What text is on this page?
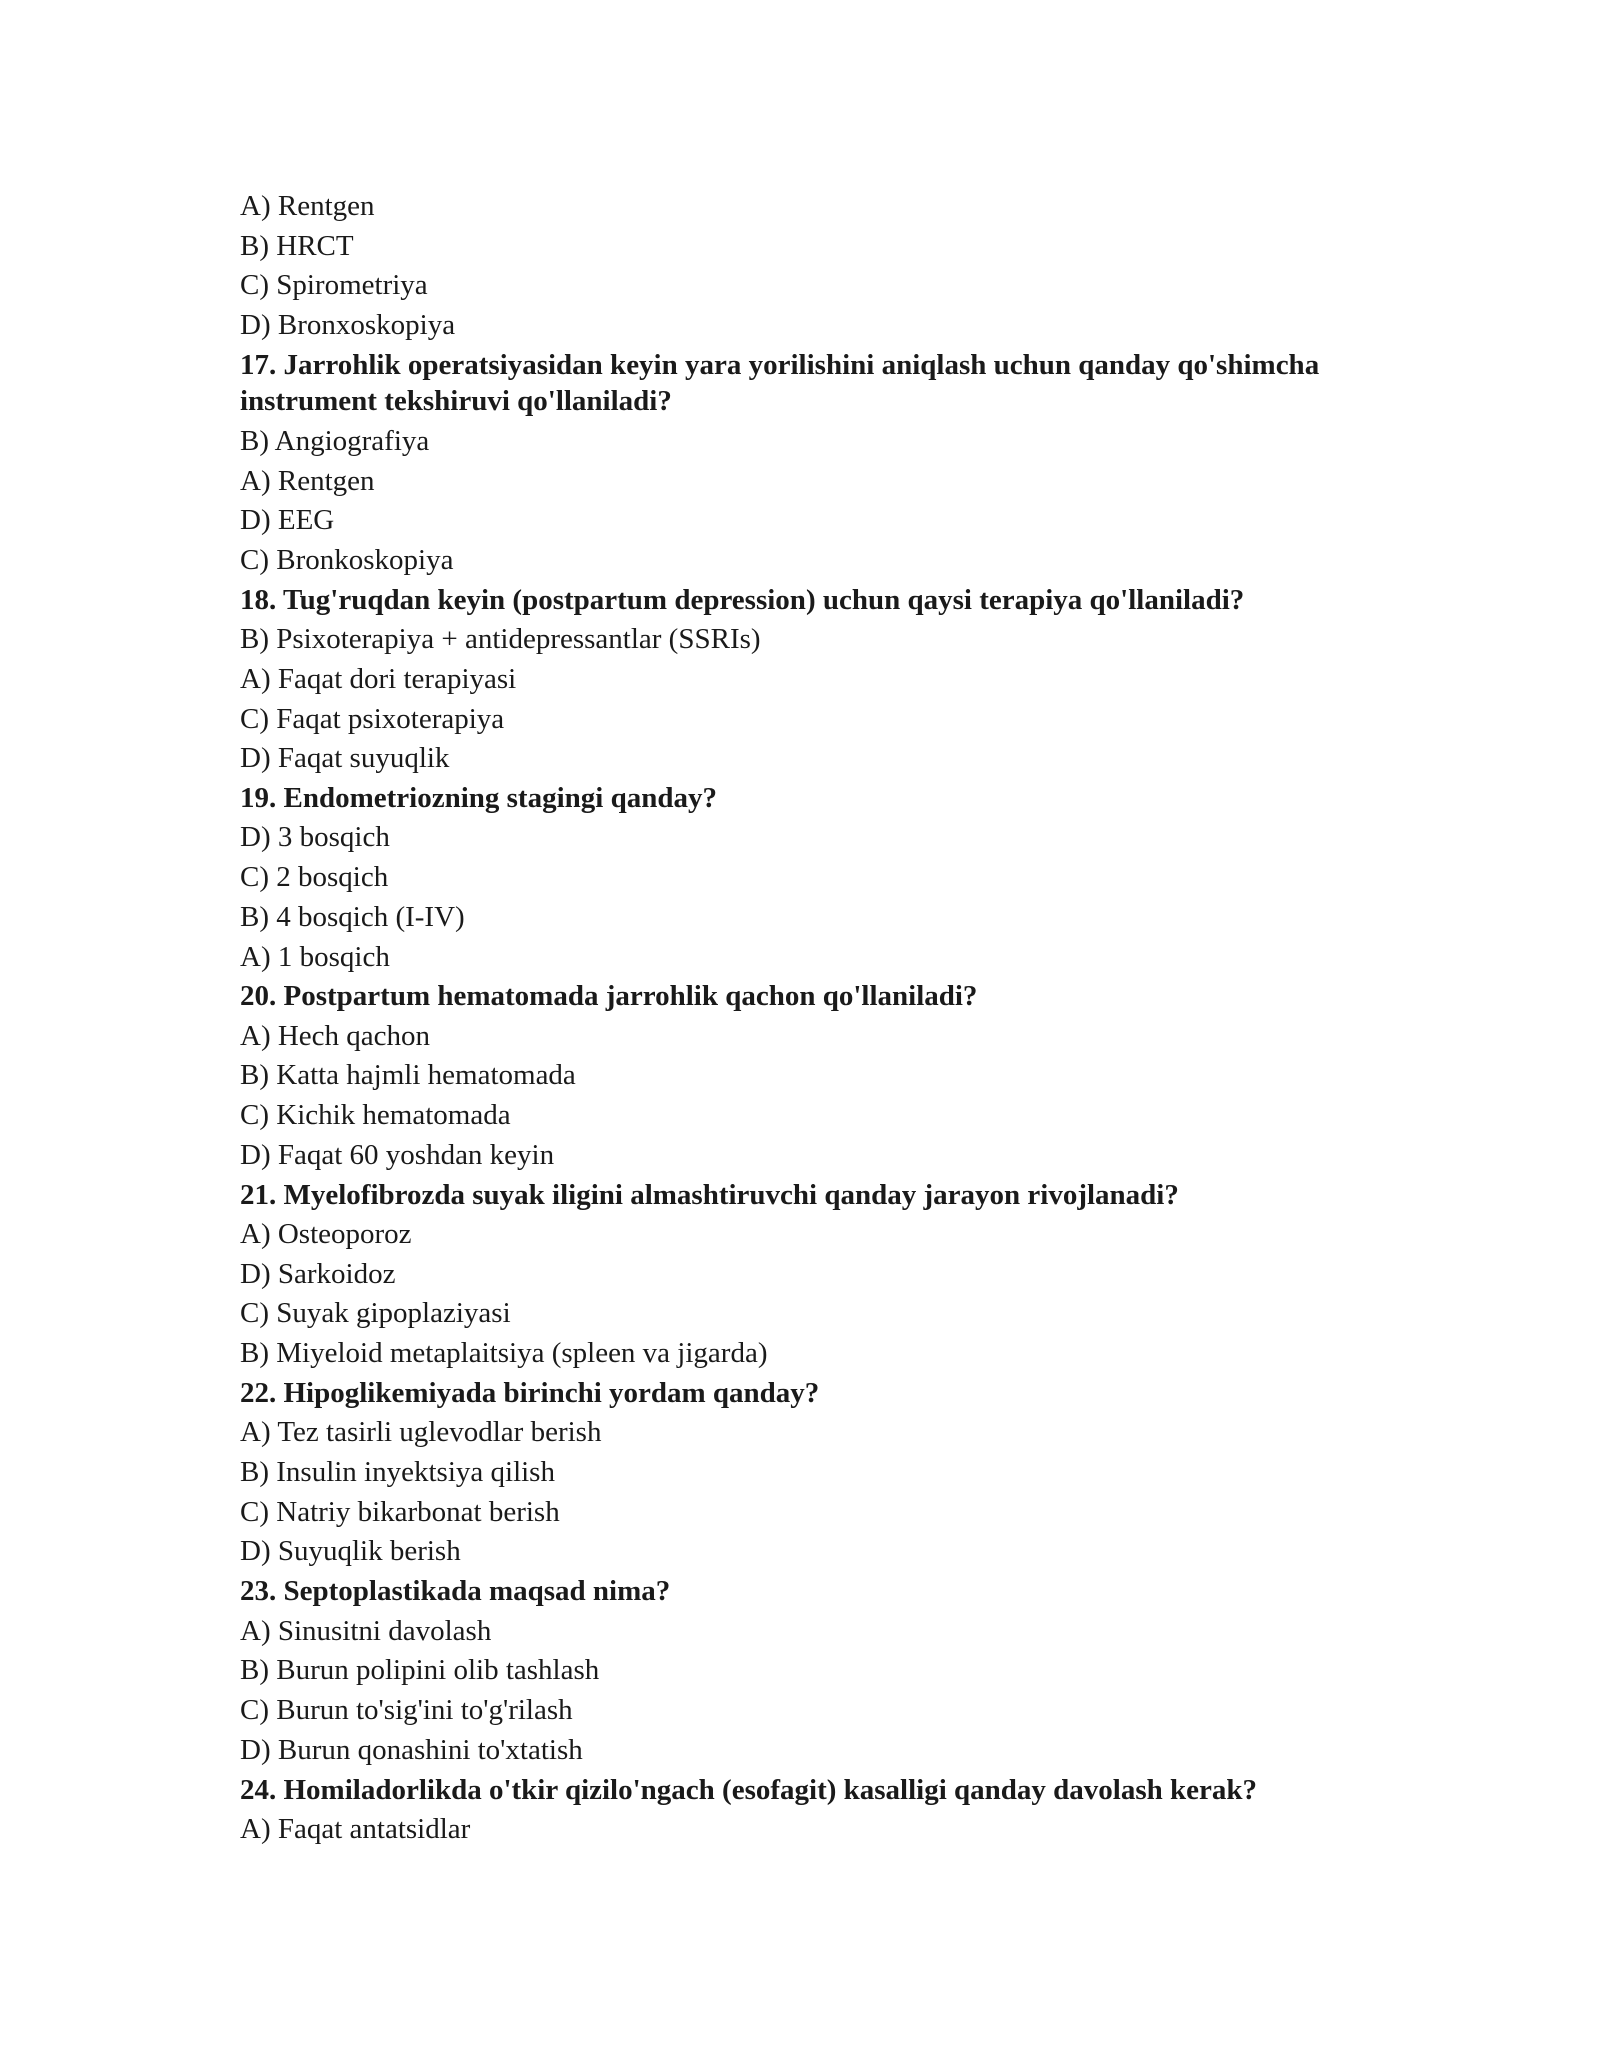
A) Rentgen

B) HRCT

C) Spirometriya

D) Bronxoskopiya

17. Jarrohlik operatsiyasidan keyin yara yorilishini aniqlash uchun qanday qo'shimcha instrument tekshiruvi qo'llaniladi?

B) Angiografiya

A) Rentgen

D) EEG

C) Bronkoskopiya

18. Tug'ruqdan keyin (postpartum depression) uchun qaysi terapiya qo'llaniladi?

B) Psixoterapiya + antidepressantlar (SSRIs)

A) Faqat dori terapiyasi

C) Faqat psixoterapiya

D) Faqat suyuqlik

19. Endometriozning stagingi qanday?

D) 3 bosqich

C) 2 bosqich

B) 4 bosqich (I-IV)

A) 1 bosqich

20. Postpartum hematomada jarrohlik qachon qo'llaniladi?

A) Hech qachon

B) Katta hajmli hematomada

C) Kichik hematomada

D) Faqat 60 yoshdan keyin

21. Myelofibrozda suyak iligini almashtiruvchi qanday jarayon rivojlanadi?

A) Osteoporoz

D) Sarkoidoz

C) Suyak gipoplaziyasi

B) Miyeloid metaplaitsiya (spleen va jigarda)

22. Hipoglikemiyada birinchi yordam qanday?

A) Tez tasirli uglevodlar berish

B) Insulin inyektsiya qilish

C) Natriy bikarbonat berish

D) Suyuqlik berish

23. Septoplastikada maqsad nima?

A) Sinusitni davolash

B) Burun polipini olib tashlash

C) Burun to'sig'ini to'g'rilash

D) Burun qonashini to'xtatish

24. Homiladorlikda o'tkir qizilo'ngach (esofagit) kasalligi qanday davolash kerak?

A) Faqat antatsidlar
